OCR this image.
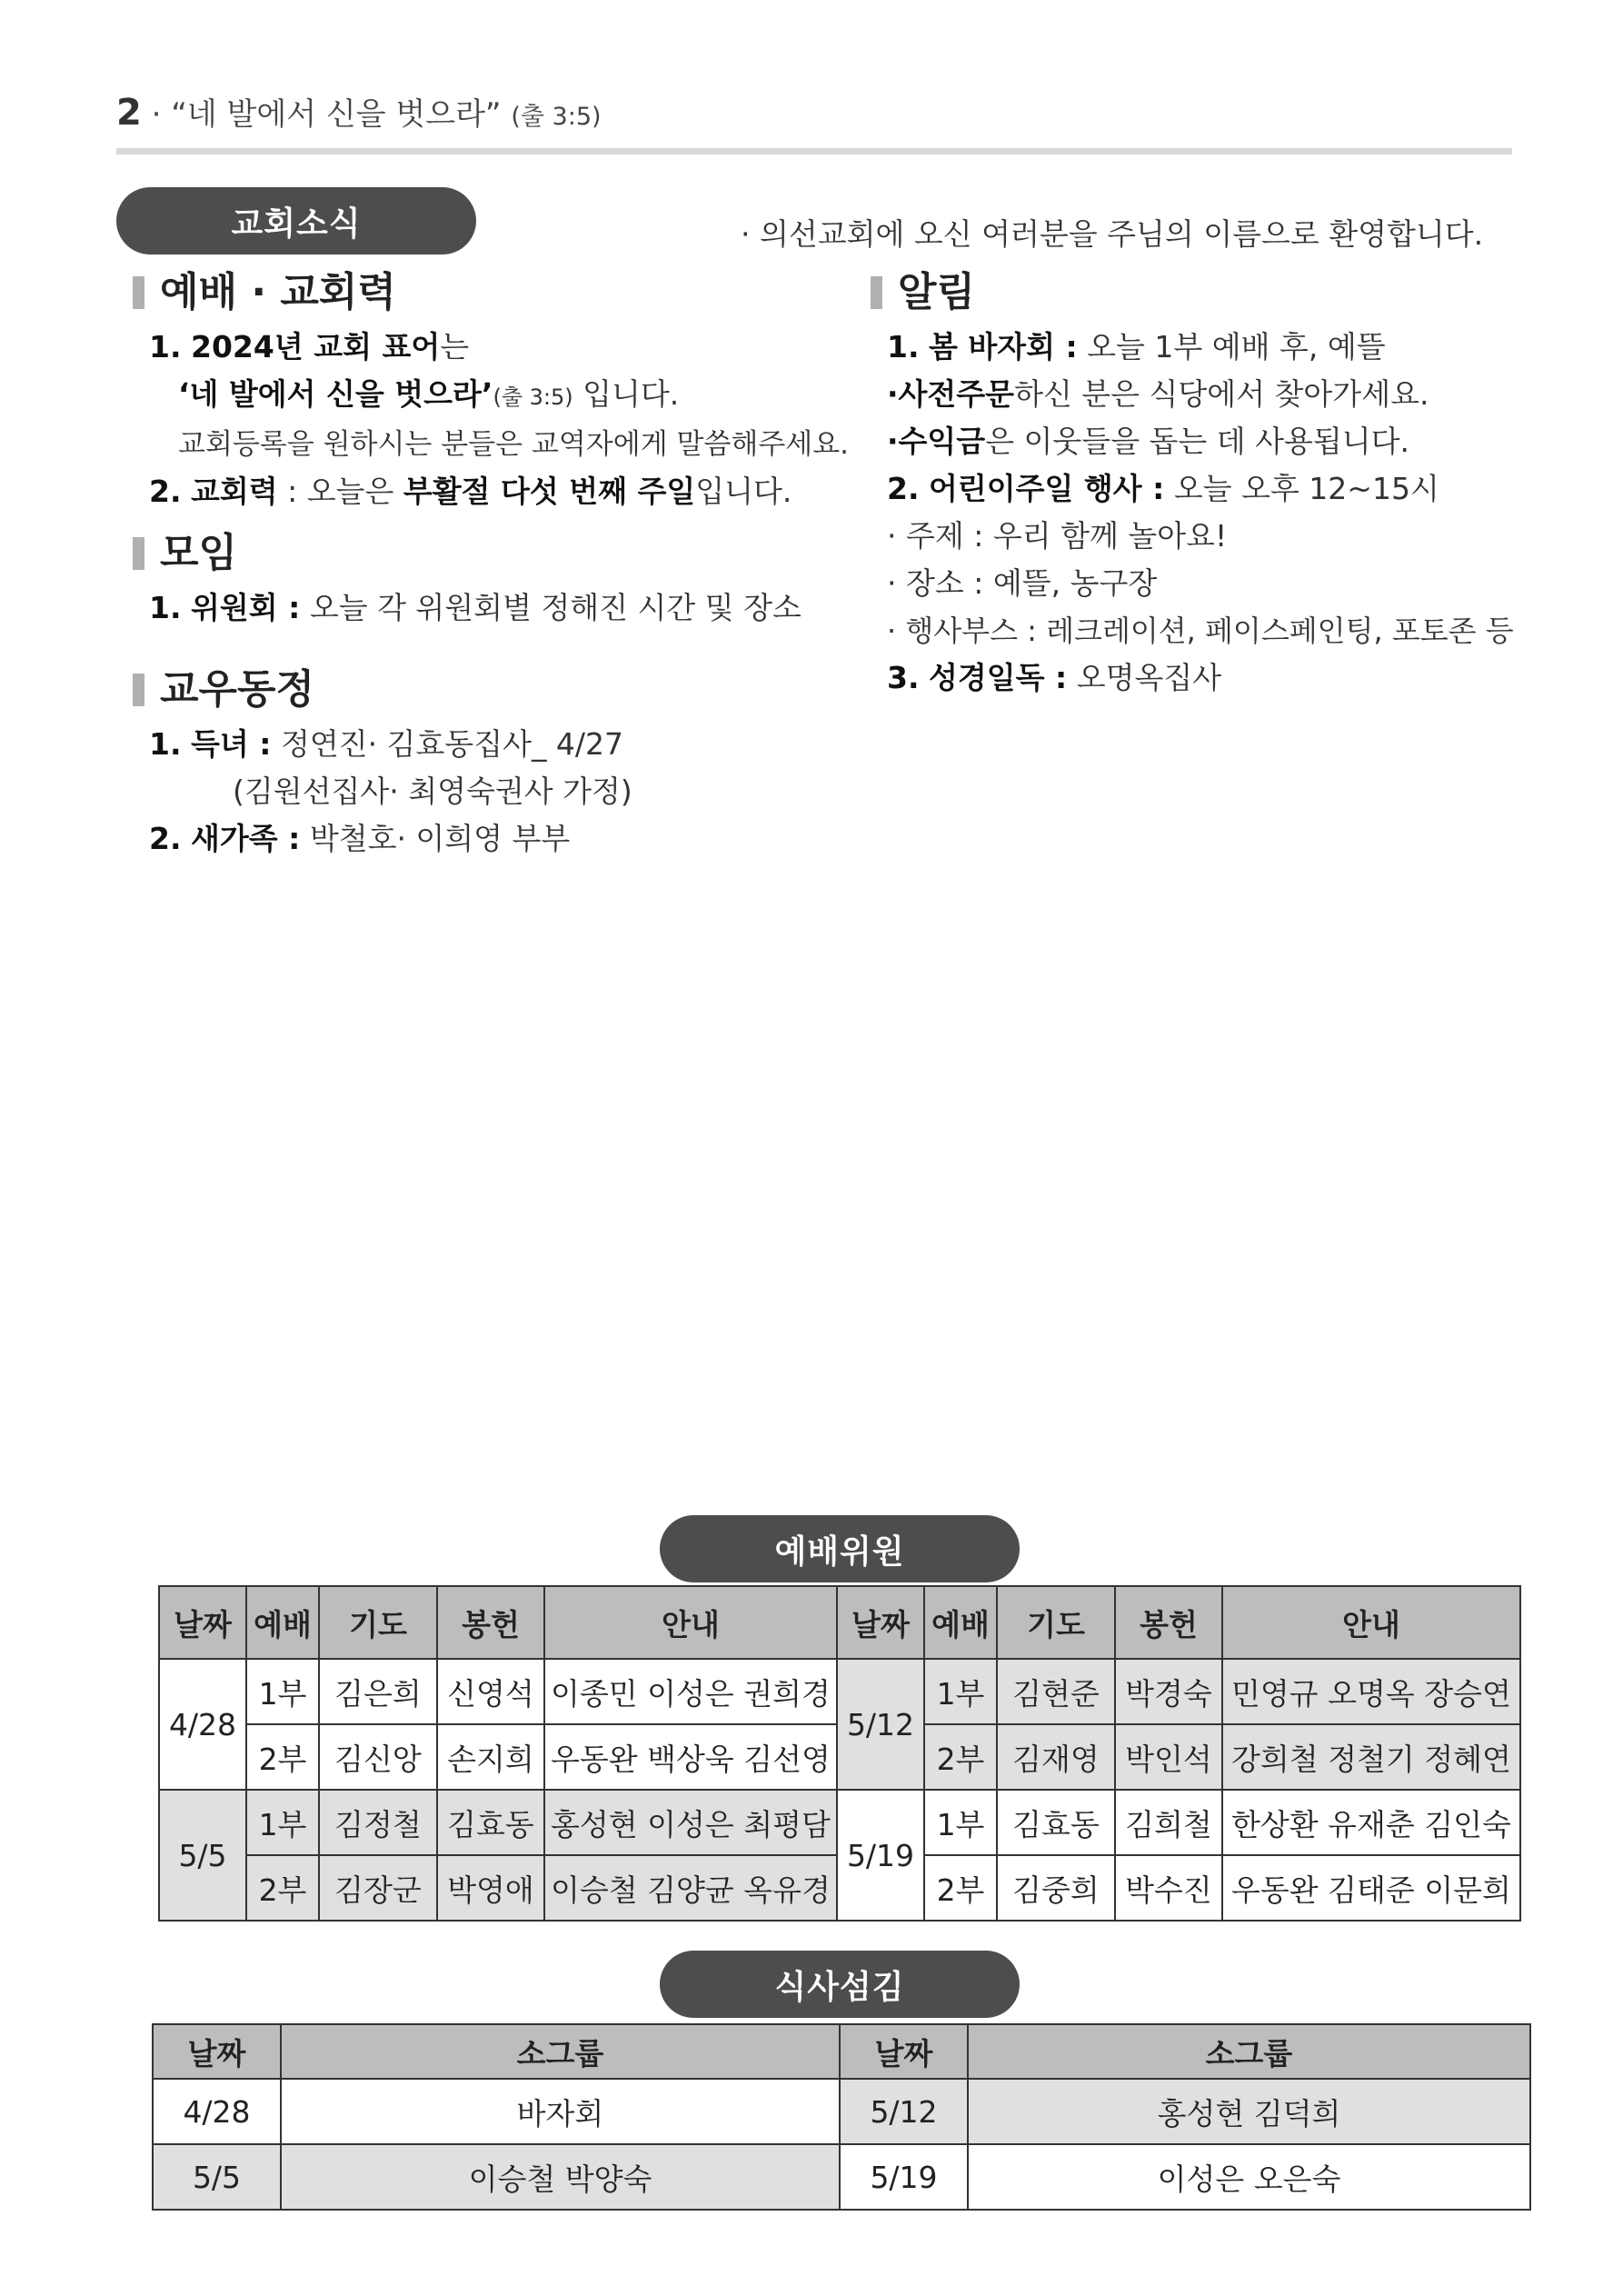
2 · “네 발에서 신을 벗으라” (출 3:5)
교회소식	· 의선교회에 오신 여러분을 주님의 이름으로 환영합니다.
예배 · 교회력
1. 2024년 교회 표어는
‘네 발에서 신을 벗으라’(출 3:5) 입니다.
교회등록을 원하시는 분들은 교역자에게 말씀해주세요.
2. 교회력 : 오늘은 부활절 다섯 번째 주일입니다.
모임
1. 위원회 : 오늘 각 위원회별 정해진 시간 및 장소
교우동정
1. 득녀 : 정연진· 김효동집사_ 4/27
(김원선집사· 최영숙권사 가정)
2. 새가족 : 박철호· 이희영 부부
알림
1. 봄 바자회 : 오늘 1부 예배 후, 예뜰
·사전주문하신 분은 식당에서 찾아가세요.
·수익금은 이웃들을 돕는 데 사용됩니다.
2. 어린이주일 행사 : 오늘 오후 12~15시
· 주제 : 우리 함께 놀아요!
· 장소 : 예뜰, 농구장
· 행사부스 : 레크레이션, 페이스페인팅, 포토존 등
3. 성경일독 : 오명옥집사
예배위원
날짜	예배	기도	봉헌	안내	날짜	예배	기도	봉헌	안내
4/28	1부	김은희	신영석	이종민 이성은 권희경	5/12	1부	김현준	박경숙	민영규 오명옥 장승연
	2부	김신앙	손지희	우동완 백상욱 김선영		2부	김재영	박인석	강희철 정철기 정혜연
5/5	1부	김정철	김효동	홍성현 이성은 최평담	5/19	1부	김효동	김희철	한상환 유재춘 김인숙
	2부	김장군	박영애	이승철 김양균 옥유경		2부	김중희	박수진	우동완 김태준 이문희
식사섬김
날짜	소그룹	날짜	소그룹
4/28	바자회	5/12	홍성현 김덕희
5/5	이승철 박양숙	5/19	이성은 오은숙
